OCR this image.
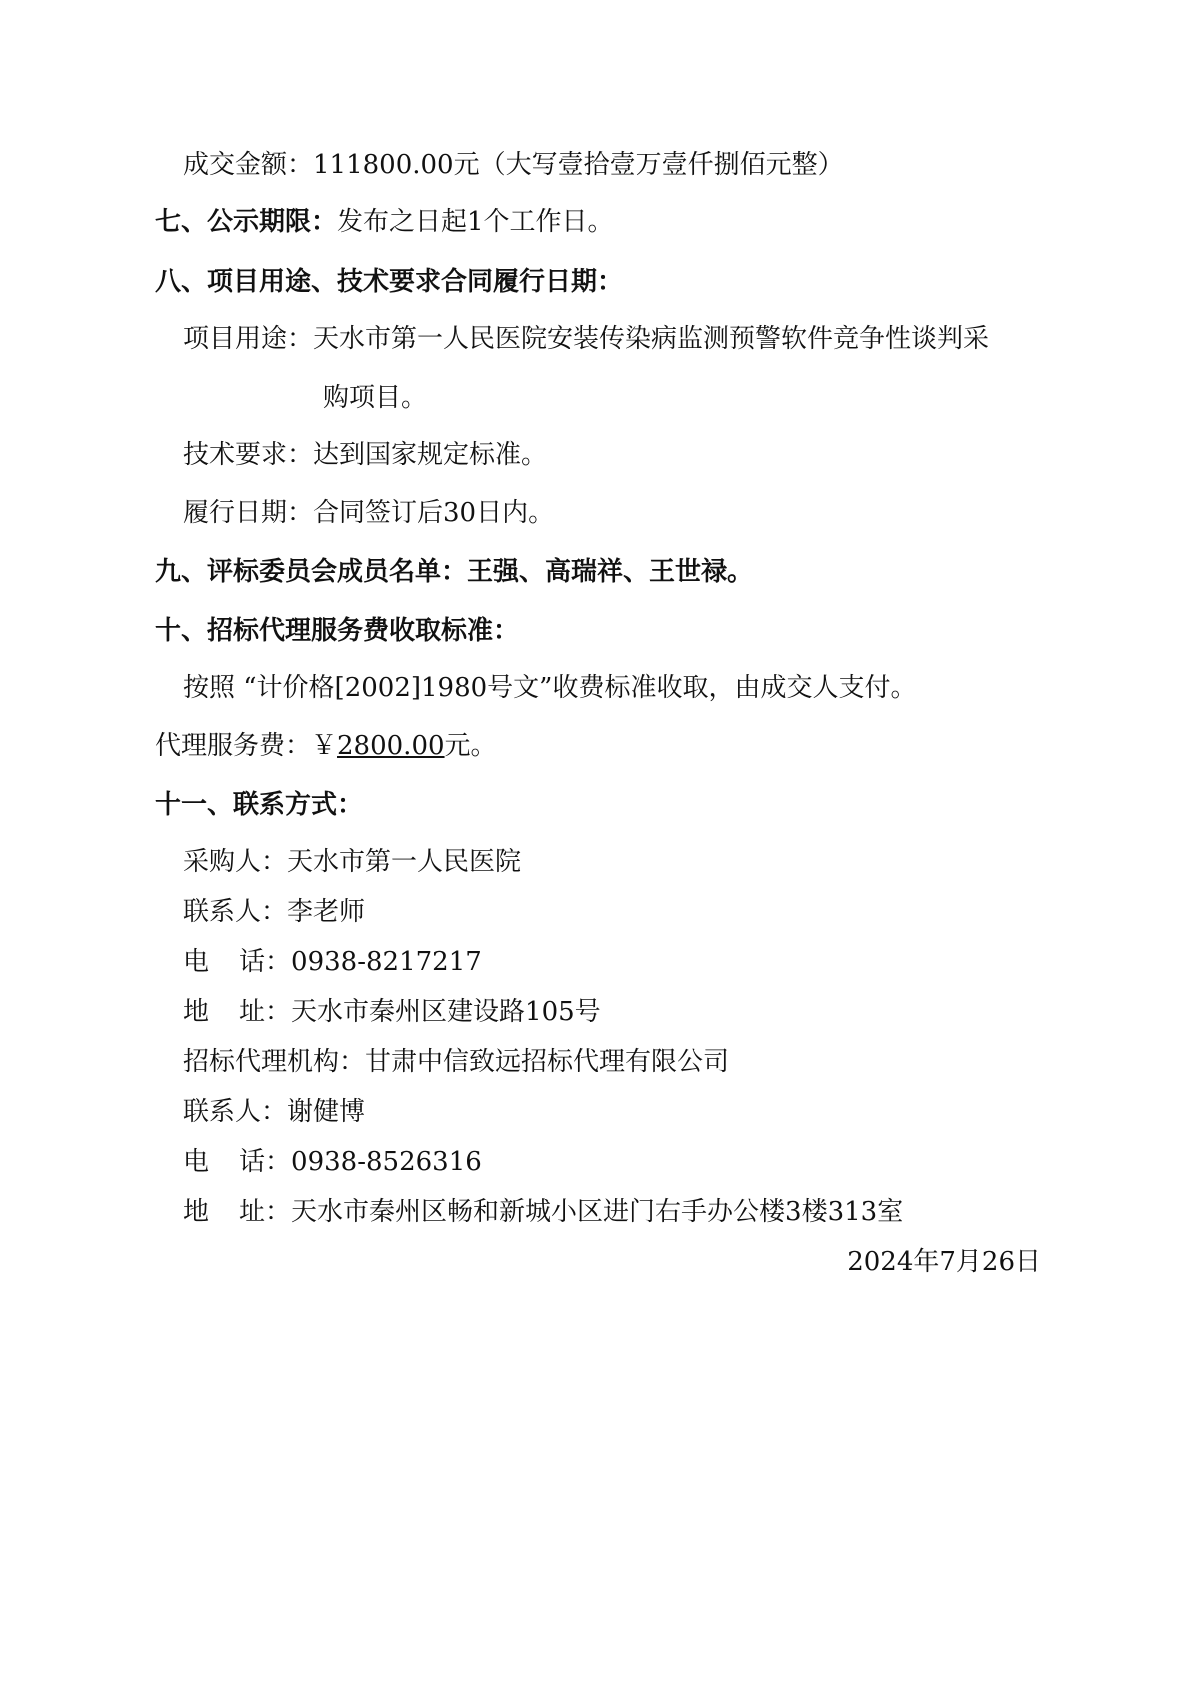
成交金额：111800.00元（大写壹拾壹万壹仟捌佰元整）
七、公示期限：发布之日起1个工作日。
八、项目用途、技术要求合同履行日期：
项目用途：天水市第一人民医院安装传染病监测预警软件竞争性谈判采
购项目。
技术要求：达到国家规定标准。
履行日期：合同签订后30日内。
九、评标委员会成员名单：王强、高瑞祥、王世禄。
十、招标代理服务费收取标准：
按照 “计价格[2002]1980号文”收费标准收取，由成交人支付。
代理服务费：￥2800.00元。
十一、联系方式：
采购人：天水市第一人民医院
联系人：李老师
电 话：0938-8217217
地 址：天水市秦州区建设路105号
招标代理机构：甘肃中信致远招标代理有限公司
联系人：谢健博
电 话：0938-8526316
地 址：天水市秦州区畅和新城小区进门右手办公楼3楼313室
2024年7月26日
